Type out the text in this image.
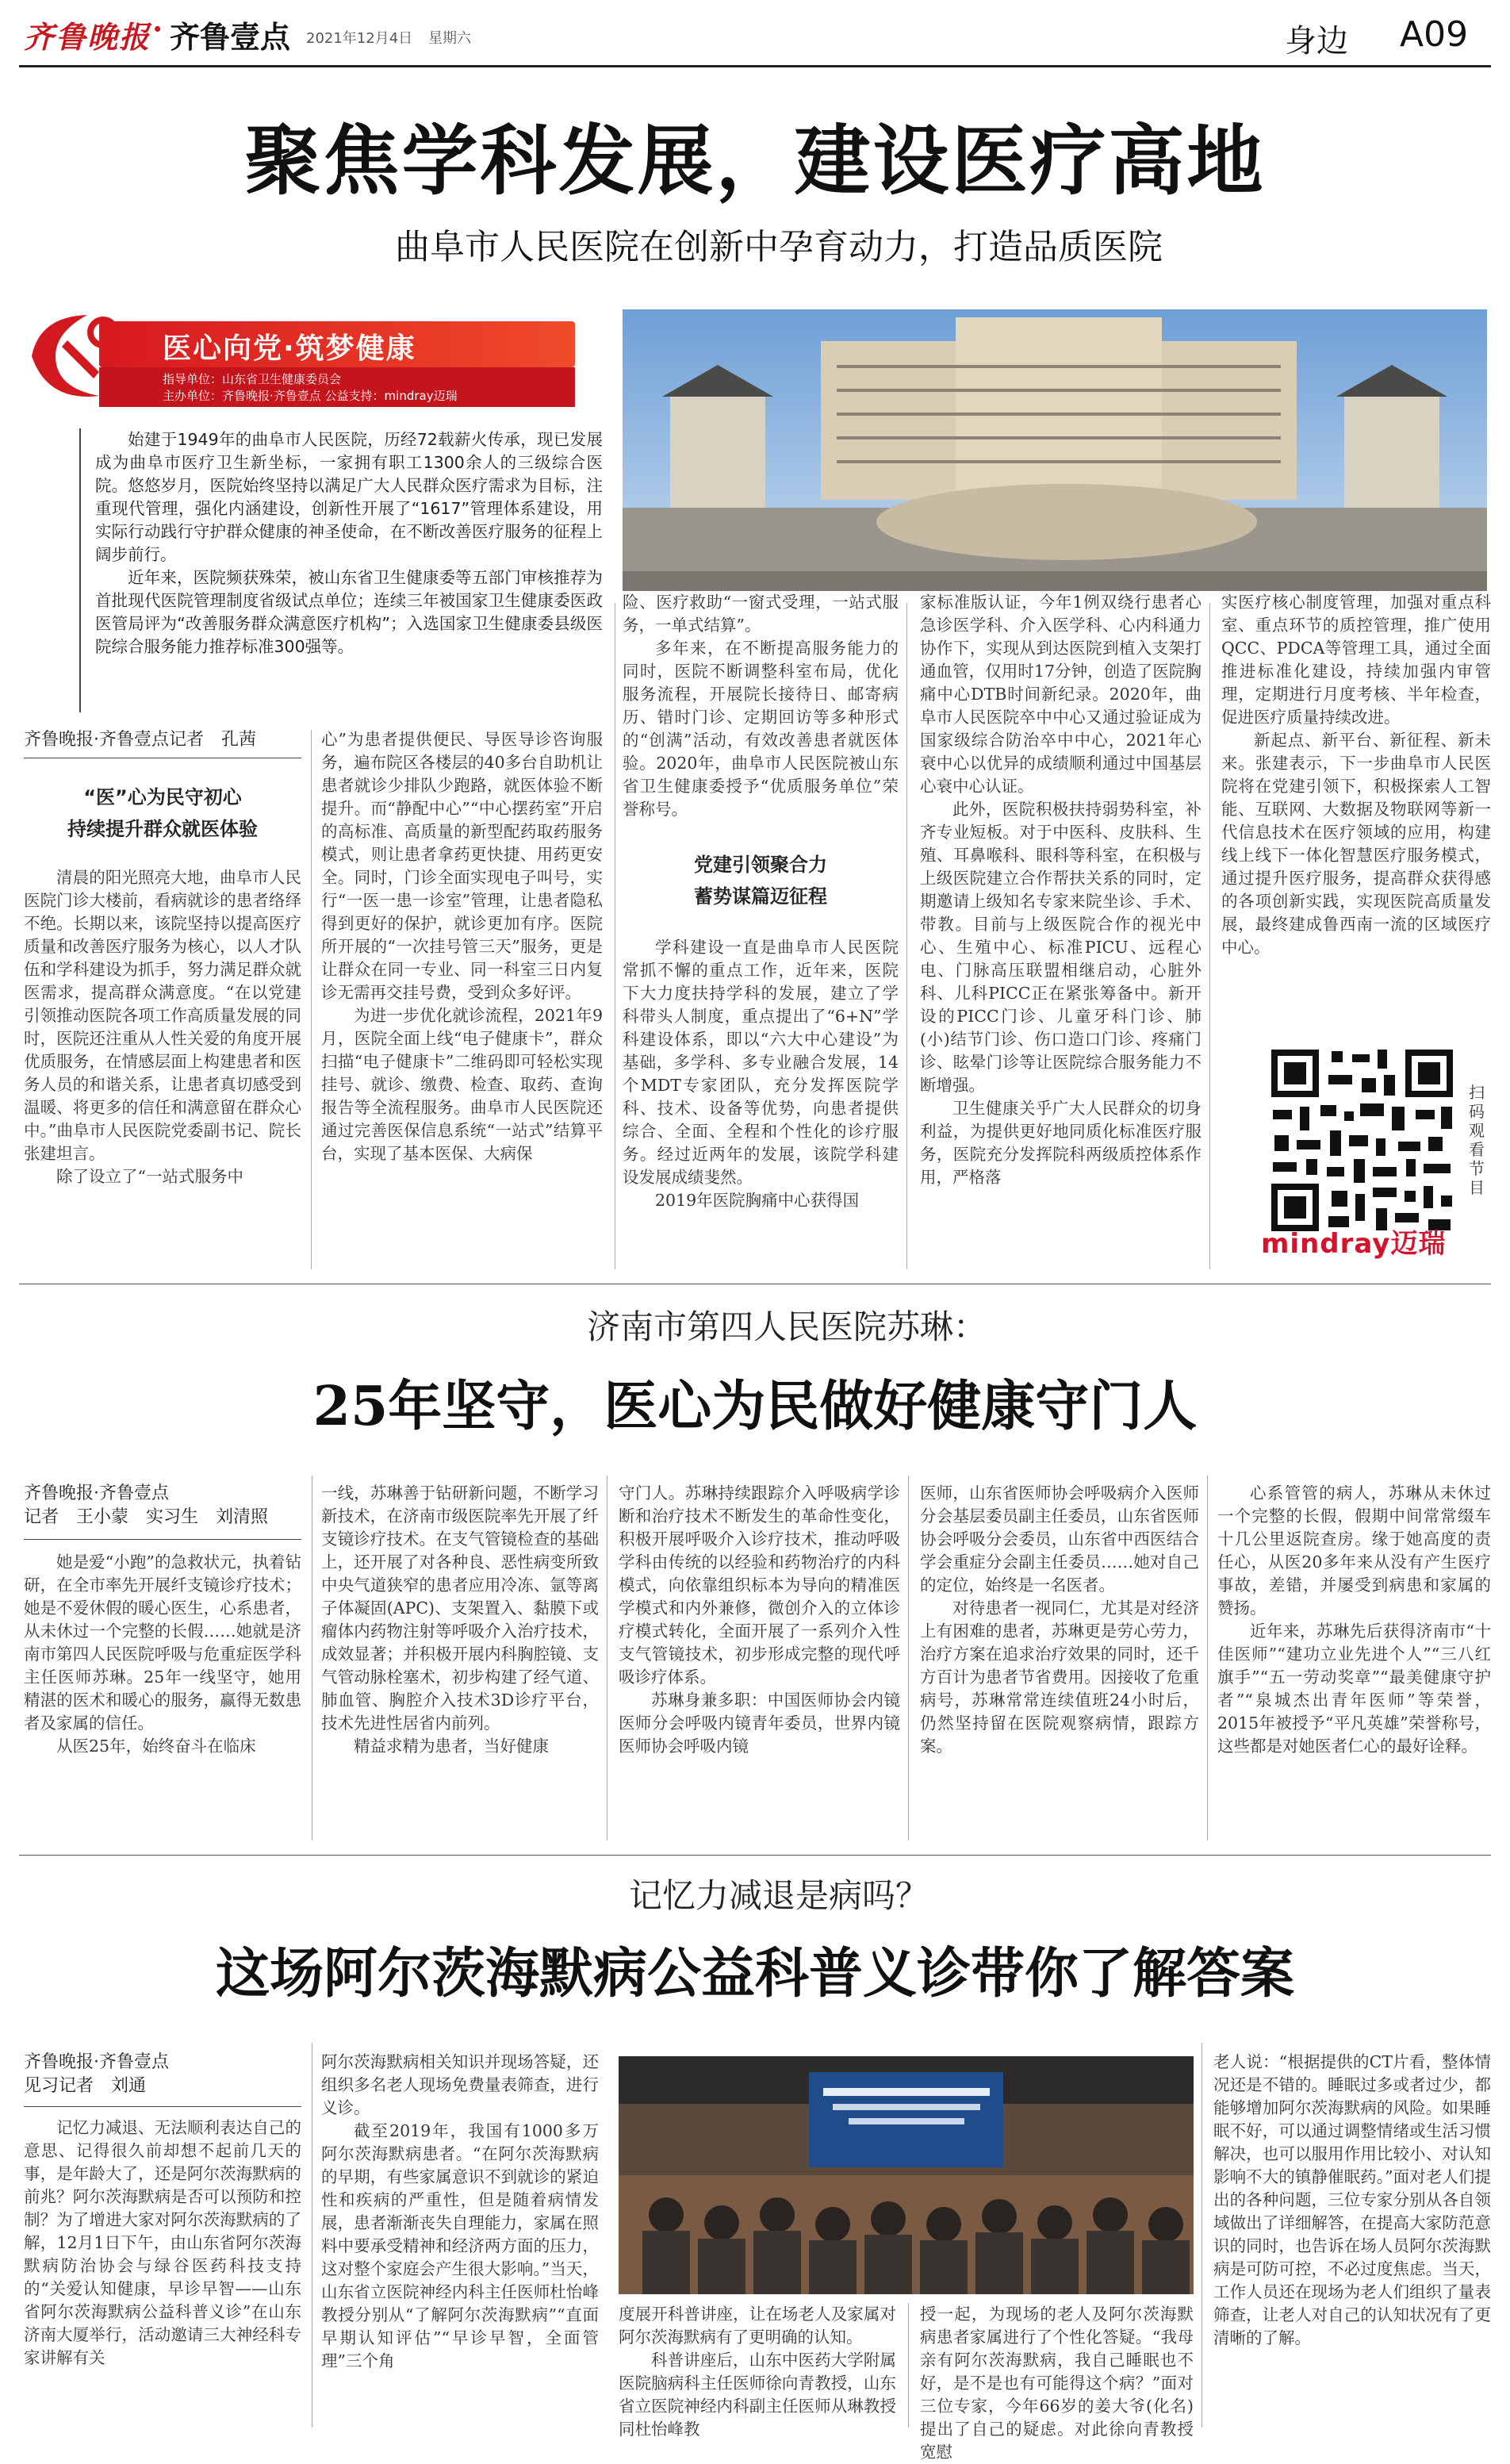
齐鲁晚报 · 齐鲁壹点 2021年12月4日 星期六	身边 A09
聚焦学科发展，建设医疗高地
曲阜市人民医院在创新中孕育动力，打造品质医院
医心向党·筑梦健康
指导单位：山东省卫生健康委员会
主办单位：齐鲁晚报·齐鲁壹点 公益支持：mindray迈瑞

始建于1949年的曲阜市人民医院，历经72载薪火传承，现已发展成为曲阜市医疗卫生新坐标，一家拥有职工1300余人的三级综合医院。悠悠岁月，医院始终坚持以满足广大人民群众医疗需求为目标，注重现代管理，强化内涵建设，创新性开展了“1617”管理体系建设，用实际行动践行守护群众健康的神圣使命，在不断改善医疗服务的征程上阔步前行。

近年来，医院频获殊荣，被山东省卫生健康委等五部门审核推荐为首批现代医院管理制度省级试点单位；连续三年被国家卫生健康委医政医管局评为“改善服务群众满意医疗机构”；入选国家卫生健康委县级医院综合服务能力推荐标准300强等。

齐鲁晚报·齐鲁壹点记者　孔茜
“医”心为民守初心
持续提升群众就医体验

清晨的阳光照亮大地，曲阜市人民医院门诊大楼前，看病就诊的患者络绎不绝。长期以来，该院坚持以提高医疗质量和改善医疗服务为核心，以人才队伍和学科建设为抓手，努力满足群众就医需求，提高群众满意度。“在以党建引领推动医院各项工作高质量发展的同时，医院还注重从人性关爱的角度开展优质服务，在情感层面上构建患者和医务人员的和谐关系，让患者真切感受到温暖、将更多的信任和满意留在群众心中。”曲阜市人民医院党委副书记、院长张建坦言。

除了设立了“一站式服务中

心”为患者提供便民、导医导诊咨询服务，遍布院区各楼层的40多台自助机让患者就诊少排队少跑路，就医体验不断提升。而“静配中心”“中心摆药室”开启的高标准、高质量的新型配药取药服务模式，则让患者拿药更快捷、用药更安全。同时，门诊全面实现电子叫号，实行“一医一患一诊室”管理，让患者隐私得到更好的保护，就诊更加有序。医院所开展的“一次挂号管三天”服务，更是让群众在同一专业、同一科室三日内复诊无需再交挂号费，受到众多好评。

为进一步优化就诊流程，2021年9月，医院全面上线“电子健康卡”，群众扫描“电子健康卡”二维码即可轻松实现挂号、就诊、缴费、检查、取药、查询报告等全流程服务。曲阜市人民医院还通过完善医保信息系统“一站式”结算平台，实现了基本医保、大病保

险、医疗救助“一窗式受理，一站式服务，一单式结算”。

多年来，在不断提高服务能力的同时，医院不断调整科室布局，优化服务流程，开展院长接待日、邮寄病历、错时门诊、定期回访等多种形式的“创满”活动，有效改善患者就医体验。2020年，曲阜市人民医院被山东省卫生健康委授予“优质服务单位”荣誉称号。

党建引领聚合力
蓄势谋篇迈征程

学科建设一直是曲阜市人民医院常抓不懈的重点工作，近年来，医院下大力度扶持学科的发展，建立了学科带头人制度，重点提出了“6+N”学科建设体系，即以“六大中心建设”为基础，多学科、多专业融合发展，14个MDT专家团队，充分发挥医院学科、技术、设备等优势，向患者提供综合、全面、全程和个性化的诊疗服务。经过近两年的发展，该院学科建设发展成绩斐然。

2019年医院胸痛中心获得国

家标准版认证，今年1例双绕行患者心急诊医学科、介入医学科、心内科通力协作下，实现从到达医院到植入支架打通血管，仅用时17分钟，创造了医院胸痛中心DTB时间新纪录。2020年，曲阜市人民医院卒中中心又通过验证成为国家级综合防治卒中中心，2021年心衰中心以优异的成绩顺利通过中国基层心衰中心认证。

此外，医院积极扶持弱势科室，补齐专业短板。对于中医科、皮肤科、生殖、耳鼻喉科、眼科等科室，在积极与上级医院建立合作帮扶关系的同时，定期邀请上级知名专家来院坐诊、手术、带教。目前与上级医院合作的视光中心、生殖中心、标准PICU、远程心电、门脉高压联盟相继启动，心脏外科、儿科PICC正在紧张筹备中。新开设的PICC门诊、儿童牙科门诊、肺(小)结节门诊、伤口造口门诊、疼痛门诊、眩晕门诊等让医院综合服务能力不断增强。

卫生健康关乎广大人民群众的切身利益，为提供更好地同质化标准医疗服务，医院充分发挥院科两级质控体系作用，严格落

实医疗核心制度管理，加强对重点科室、重点环节的质控管理，推广使用QCC、PDCA等管理工具，通过全面推进标准化建设，持续加强内审管理，定期进行月度考核、半年检查，促进医疗质量持续改进。

新起点、新平台、新征程、新未来。张建表示，下一步曲阜市人民医院将在党建引领下，积极探索人工智能、互联网、大数据及物联网等新一代信息技术在医疗领域的应用，构建线上线下一体化智慧医疗服务模式，通过提升医疗服务，提高群众获得感的各项创新实践，实现医院高质量发展，最终建成鲁西南一流的区域医疗中心。

扫码观看节目
mindray迈瑞
济南市第四人民医院苏琳：
25年坚守，医心为民做好健康守门人
齐鲁晚报·齐鲁壹点
记者　王小蒙　实习生　刘清照

她是爱“小跑”的急救状元，执着钻研，在全市率先开展纤支镜诊疗技术；她是不爱休假的暖心医生，心系患者，从未休过一个完整的长假……她就是济南市第四人民医院呼吸与危重症医学科主任医师苏琳。25年一线坚守，她用精湛的医术和暖心的服务，赢得无数患者及家属的信任。

从医25年，始终奋斗在临床

一线，苏琳善于钻研新问题，不断学习新技术，在济南市级医院率先开展了纤支镜诊疗技术。在支气管镜检查的基础上，还开展了对各种良、恶性病变所致中央气道狭窄的患者应用冷冻、氩等离子体凝固(APC)、支架置入、黏膜下或瘤体内药物注射等呼吸介入治疗技术，成效显著；并积极开展内科胸腔镜、支气管动脉栓塞术，初步构建了经气道、肺血管、胸腔介入技术3D诊疗平台，技术先进性居省内前列。

精益求精为患者，当好健康

守门人。苏琳持续跟踪介入呼吸病学诊断和治疗技术不断发生的革命性变化，积极开展呼吸介入诊疗技术，推动呼吸学科由传统的以经验和药物治疗的内科模式，向依靠组织标本为导向的精准医学模式和内外兼修，微创介入的立体诊疗模式转化，全面开展了一系列介入性支气管镜技术，初步形成完整的现代呼吸诊疗体系。

苏琳身兼多职：中国医师协会内镜医师分会呼吸内镜青年委员，世界内镜医师协会呼吸内镜

医师，山东省医师协会呼吸病介入医师分会基层委员副主任委员，山东省医师协会呼吸分会委员，山东省中西医结合学会重症分会副主任委员……她对自己的定位，始终是一名医者。

对待患者一视同仁，尤其是对经济上有困难的患者，苏琳更是劳心劳力，治疗方案在追求治疗效果的同时，还千方百计为患者节省费用。因接收了危重病号，苏琳常常连续值班24小时后，仍然坚持留在医院观察病情，跟踪方案。

心系管管的病人，苏琳从未休过一个完整的长假，假期中间常常缀车十几公里返院查房。缘于她高度的责任心，从医20多年来从没有产生医疗事故，差错，并屡受到病患和家属的赞扬。

近年来，苏琳先后获得济南市“十佳医师”“建功立业先进个人”“三八红旗手”“五一劳动奖章”“最美健康守护者”“泉城杰出青年医师”等荣誉，2015年被授予“平凡英雄”荣誉称号，这些都是对她医者仁心的最好诠释。

记忆力减退是病吗？
这场阿尔茨海默病公益科普义诊带你了解答案
齐鲁晚报·齐鲁壹点
见习记者　刘通

记忆力减退、无法顺利表达自己的意思、记得很久前却想不起前几天的事，是年龄大了，还是阿尔茨海默病的前兆？阿尔茨海默病是否可以预防和控制？为了增进大家对阿尔茨海默病的了解，12月1日下午，由山东省阿尔茨海默病防治协会与绿谷医药科技支持的“关爱认知健康，早诊早智——山东省阿尔茨海默病公益科普义诊”在山东济南大厦举行，活动邀请三大神经科专家讲解有关

阿尔茨海默病相关知识并现场答疑，还组织多名老人现场免费量表筛查，进行义诊。

截至2019年，我国有1000多万阿尔茨海默病患者。“在阿尔茨海默病的早期，有些家属意识不到就诊的紧迫性和疾病的严重性，但是随着病情发展，患者渐渐丧失自理能力，家属在照料中要承受精神和经济两方面的压力，这对整个家庭会产生很大影响。”当天，山东省立医院神经内科主任医师杜怡峰教授分别从“了解阿尔茨海默病”“直面早期认知评估”“早诊早智，全面管理”三个角

度展开科普讲座，让在场老人及家属对阿尔茨海默病有了更明确的认知。

科普讲座后，山东中医药大学附属医院脑病科主任医师徐向青教授，山东省立医院神经内科副主任医师从琳教授同杜怡峰教

授一起，为现场的老人及阿尔茨海默病患者家属进行了个性化答疑。“我母亲有阿尔茨海默病，我自己睡眠也不好，是不是也有可能得这个病？”面对三位专家，今年66岁的姜大爷(化名)提出了自己的疑虑。对此徐向青教授宽慰

老人说：“根据提供的CT片看，整体情况还是不错的。睡眠过多或者过少，都能够增加阿尔茨海默病的风险。如果睡眠不好，可以通过调整情绪或生活习惯解决，也可以服用作用比较小、对认知影响不大的镇静催眠药。”面对老人们提出的各种问题，三位专家分别从各自领域做出了详细解答，在提高大家防范意识的同时，也告诉在场人员阿尔茨海默病是可防可控，不必过度焦虑。当天，工作人员还在现场为老人们组织了量表筛查，让老人对自己的认知状况有了更清晰的了解。
